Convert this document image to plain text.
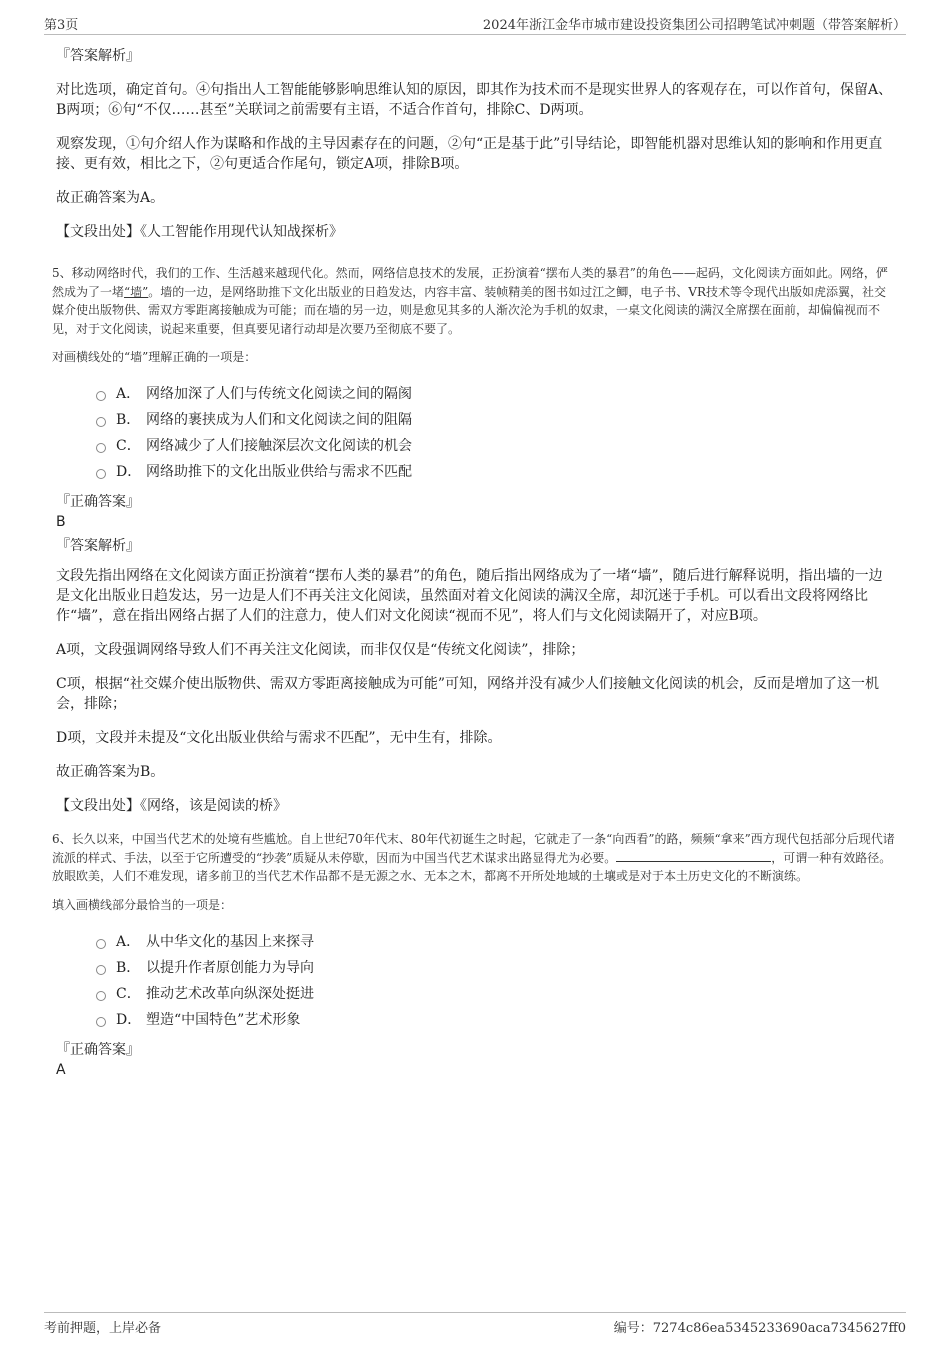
第3页	2024年浙江金华市城市建设投资集团公司招聘笔试冲刺题（带答案解析）

『答案解析』

对比选项，确定首句。④句指出人工智能能够影响思维认知的原因，即其作为技术而不是现实世界人的客观存在，可以作首句，保留A、B两项；⑥句“不仅……甚至”关联词之前需要有主语，不适合作首句，排除C、D两项。

观察发现，①句介绍人作为谋略和作战的主导因素存在的问题，②句“正是基于此”引导结论，即智能机器对思维认知的影响和作用更直接、更有效，相比之下，②句更适合作尾句，锁定A项，排除B项。

故正确答案为A。

【文段出处】《人工智能作用现代认知战探析》

5、移动网络时代，我们的工作、生活越来越现代化。然而，网络信息技术的发展，正扮演着“摆布人类的暴君”的角色——起码，文化阅读方面如此。网络，俨然成为了一堵“墙”。墙的一边，是网络助推下文化出版业的日趋发达，内容丰富、装帧精美的图书如过江之鲫，电子书、VR技术等令现代出版如虎添翼，社交媒介使出版物供、需双方零距离接触成为可能；而在墙的另一边，则是愈见其多的人渐次沦为手机的奴隶，一桌文化阅读的满汉全席摆在面前，却偏偏视而不见，对于文化阅读，说起来重要，但真要见诸行动却是次要乃至彻底不要了。

对画横线处的“墙”理解正确的一项是：

A． 网络加深了人们与传统文化阅读之间的隔阂
B． 网络的裹挟成为人们和文化阅读之间的阻隔
C． 网络减少了人们接触深层次文化阅读的机会
D． 网络助推下的文化出版业供给与需求不匹配

『正确答案』

B

『答案解析』

文段先指出网络在文化阅读方面正扮演着“摆布人类的暴君”的角色，随后指出网络成为了一堵“墙”，随后进行解释说明，指出墙的一边是文化出版业日趋发达，另一边是人们不再关注文化阅读，虽然面对着文化阅读的满汉全席，却沉迷于手机。可以看出文段将网络比作“墙”，意在指出网络占据了人们的注意力，使人们对文化阅读“视而不见”，将人们与文化阅读隔开了，对应B项。

A项，文段强调网络导致人们不再关注文化阅读，而非仅仅是“传统文化阅读”，排除；

C项，根据“社交媒介使出版物供、需双方零距离接触成为可能”可知，网络并没有减少人们接触文化阅读的机会，反而是增加了这一机会，排除；

D项，文段并未提及“文化出版业供给与需求不匹配”，无中生有，排除。

故正确答案为B。

【文段出处】《网络，该是阅读的桥》

6、长久以来，中国当代艺术的处境有些尴尬。自上世纪70年代末、80年代初诞生之时起，它就走了一条“向西看”的路，频频“拿来”西方现代包括部分后现代诸流派的样式、手法，以至于它所遭受的“抄袭”质疑从未停歇，因而为中国当代艺术谋求出路显得尤为必要。	，可谓一种有效路径。放眼欧美，人们不难发现，诸多前卫的当代艺术作品都不是无源之水、无本之木，都离不开所处地域的土壤或是对于本土历史文化的不断演练。

填入画横线部分最恰当的一项是：

A． 从中华文化的基因上来探寻
B． 以提升作者原创能力为导向
C． 推动艺术改革向纵深处挺进
D． 塑造“中国特色”艺术形象

『正确答案』

A

考前押题，上岸必备	编号：7274c86ea5345233690aca7345627ff0
